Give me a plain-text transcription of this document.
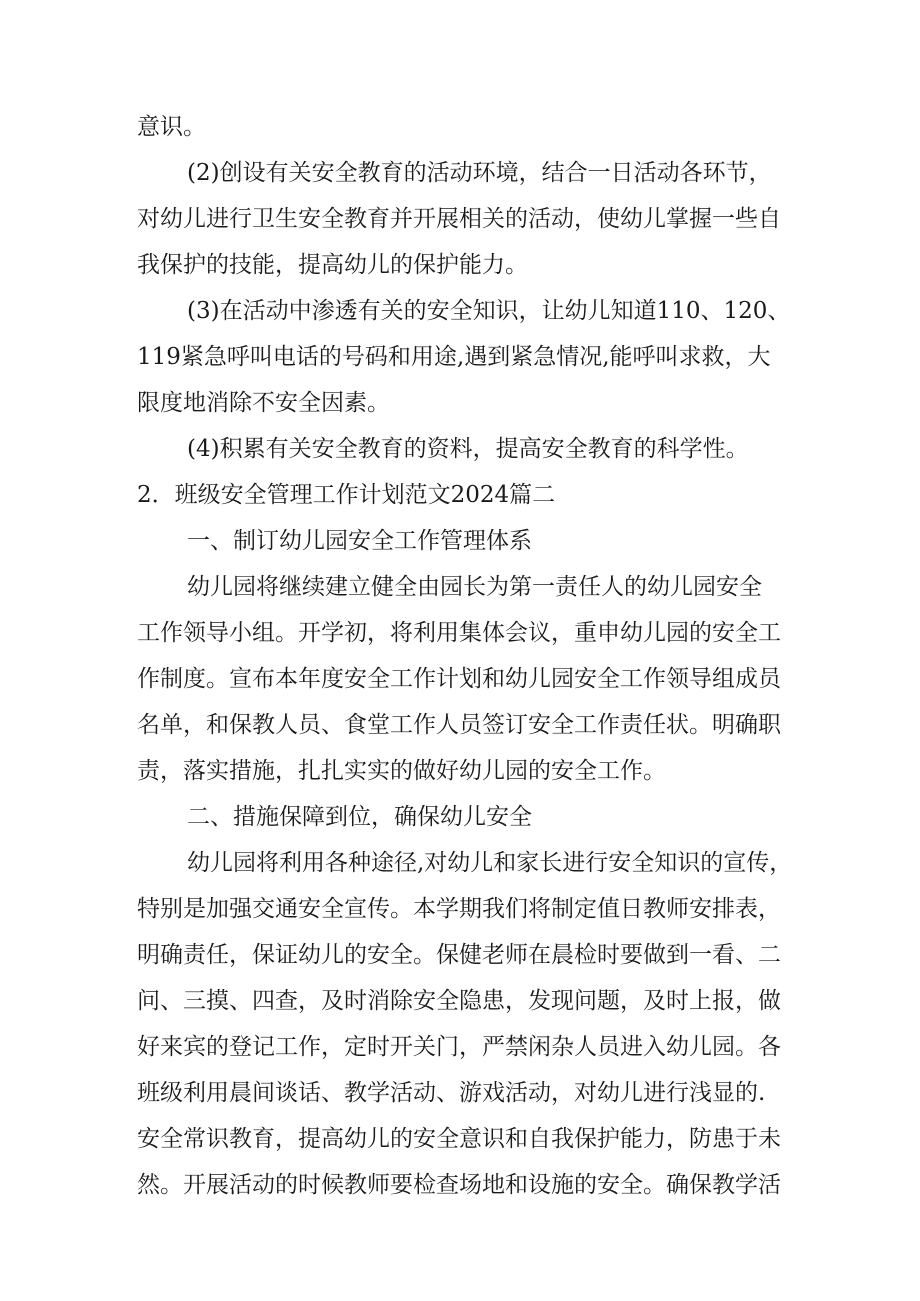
意识。
(2)创设有关安全教育的活动环境，结合一日活动各环节，
对幼儿进行卫生安全教育并开展相关的活动，使幼儿掌握一些自
我保护的技能，提高幼儿的保护能力。
(3)在活动中渗透有关的安全知识，让幼儿知道110、120、
119紧急呼叫电话的号码和用途,遇到紧急情况,能呼叫求救，大
限度地消除不安全因素。
(4)积累有关安全教育的资料，提高安全教育的科学性。
2．班级安全管理工作计划范文2024篇二
一、制订幼儿园安全工作管理体系
幼儿园将继续建立健全由园长为第一责任人的幼儿园安全
工作领导小组。开学初，将利用集体会议，重申幼儿园的安全工
作制度。宣布本年度安全工作计划和幼儿园安全工作领导组成员
名单，和保教人员、食堂工作人员签订安全工作责任状。明确职
责，落实措施，扎扎实实的做好幼儿园的安全工作。
二、措施保障到位，确保幼儿安全
幼儿园将利用各种途径,对幼儿和家长进行安全知识的宣传，
特别是加强交通安全宣传。本学期我们将制定值日教师安排表，
明确责任，保证幼儿的安全。保健老师在晨检时要做到一看、二
问、三摸、四查，及时消除安全隐患，发现问题，及时上报，做
好来宾的登记工作，定时开关门，严禁闲杂人员进入幼儿园。各
班级利用晨间谈话、教学活动、游戏活动，对幼儿进行浅显的.
安全常识教育，提高幼儿的安全意识和自我保护能力，防患于未
然。开展活动的时候教师要检查场地和设施的安全。确保教学活
